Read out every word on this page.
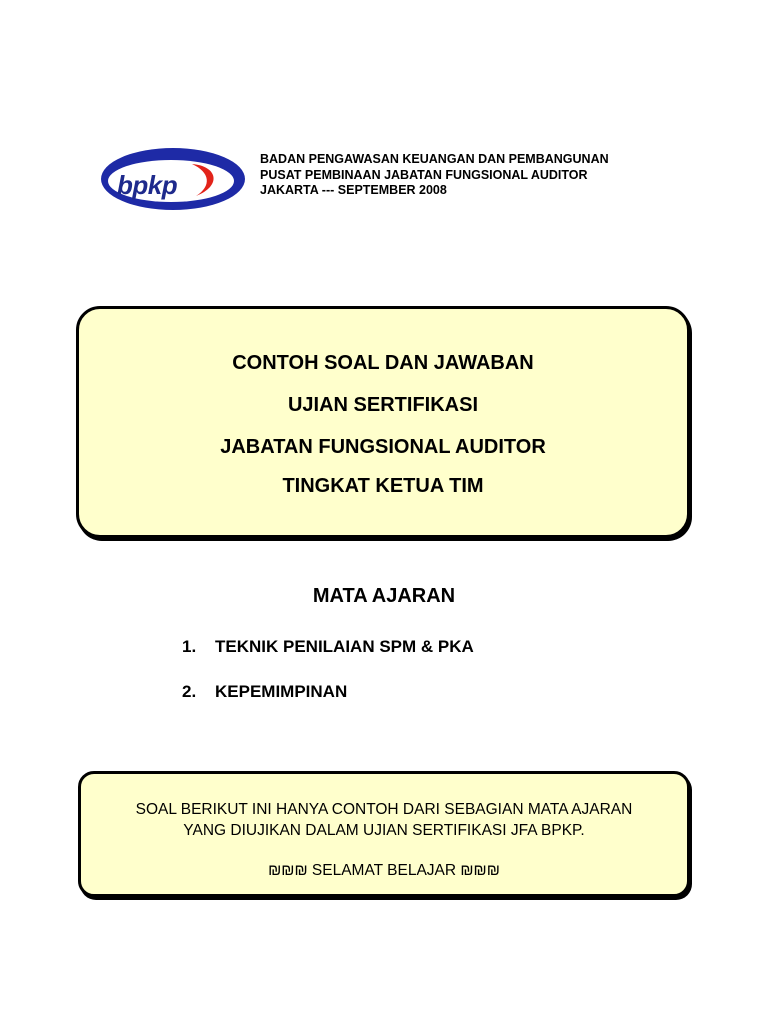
bpkp
BADAN PENGAWASAN KEUANGAN DAN PEMBANGUNAN
PUSAT PEMBINAAN JABATAN FUNGSIONAL AUDITOR
JAKARTA --- SEPTEMBER 2008
CONTOH SOAL DAN JAWABAN
UJIAN SERTIFIKASI
JABATAN FUNGSIONAL AUDITOR
TINGKAT KETUA TIM
MATA AJARAN
1. TEKNIK PENILAIAN SPM & PKA
2. KEPEMIMPINAN
SOAL BERIKUT INI HANYA CONTOH DARI SEBAGIAN MATA AJARAN
YANG DIUJIKAN DALAM UJIAN SERTIFIKASI JFA BPKP.
₪₪₪ SELAMAT BELAJAR ₪₪₪
